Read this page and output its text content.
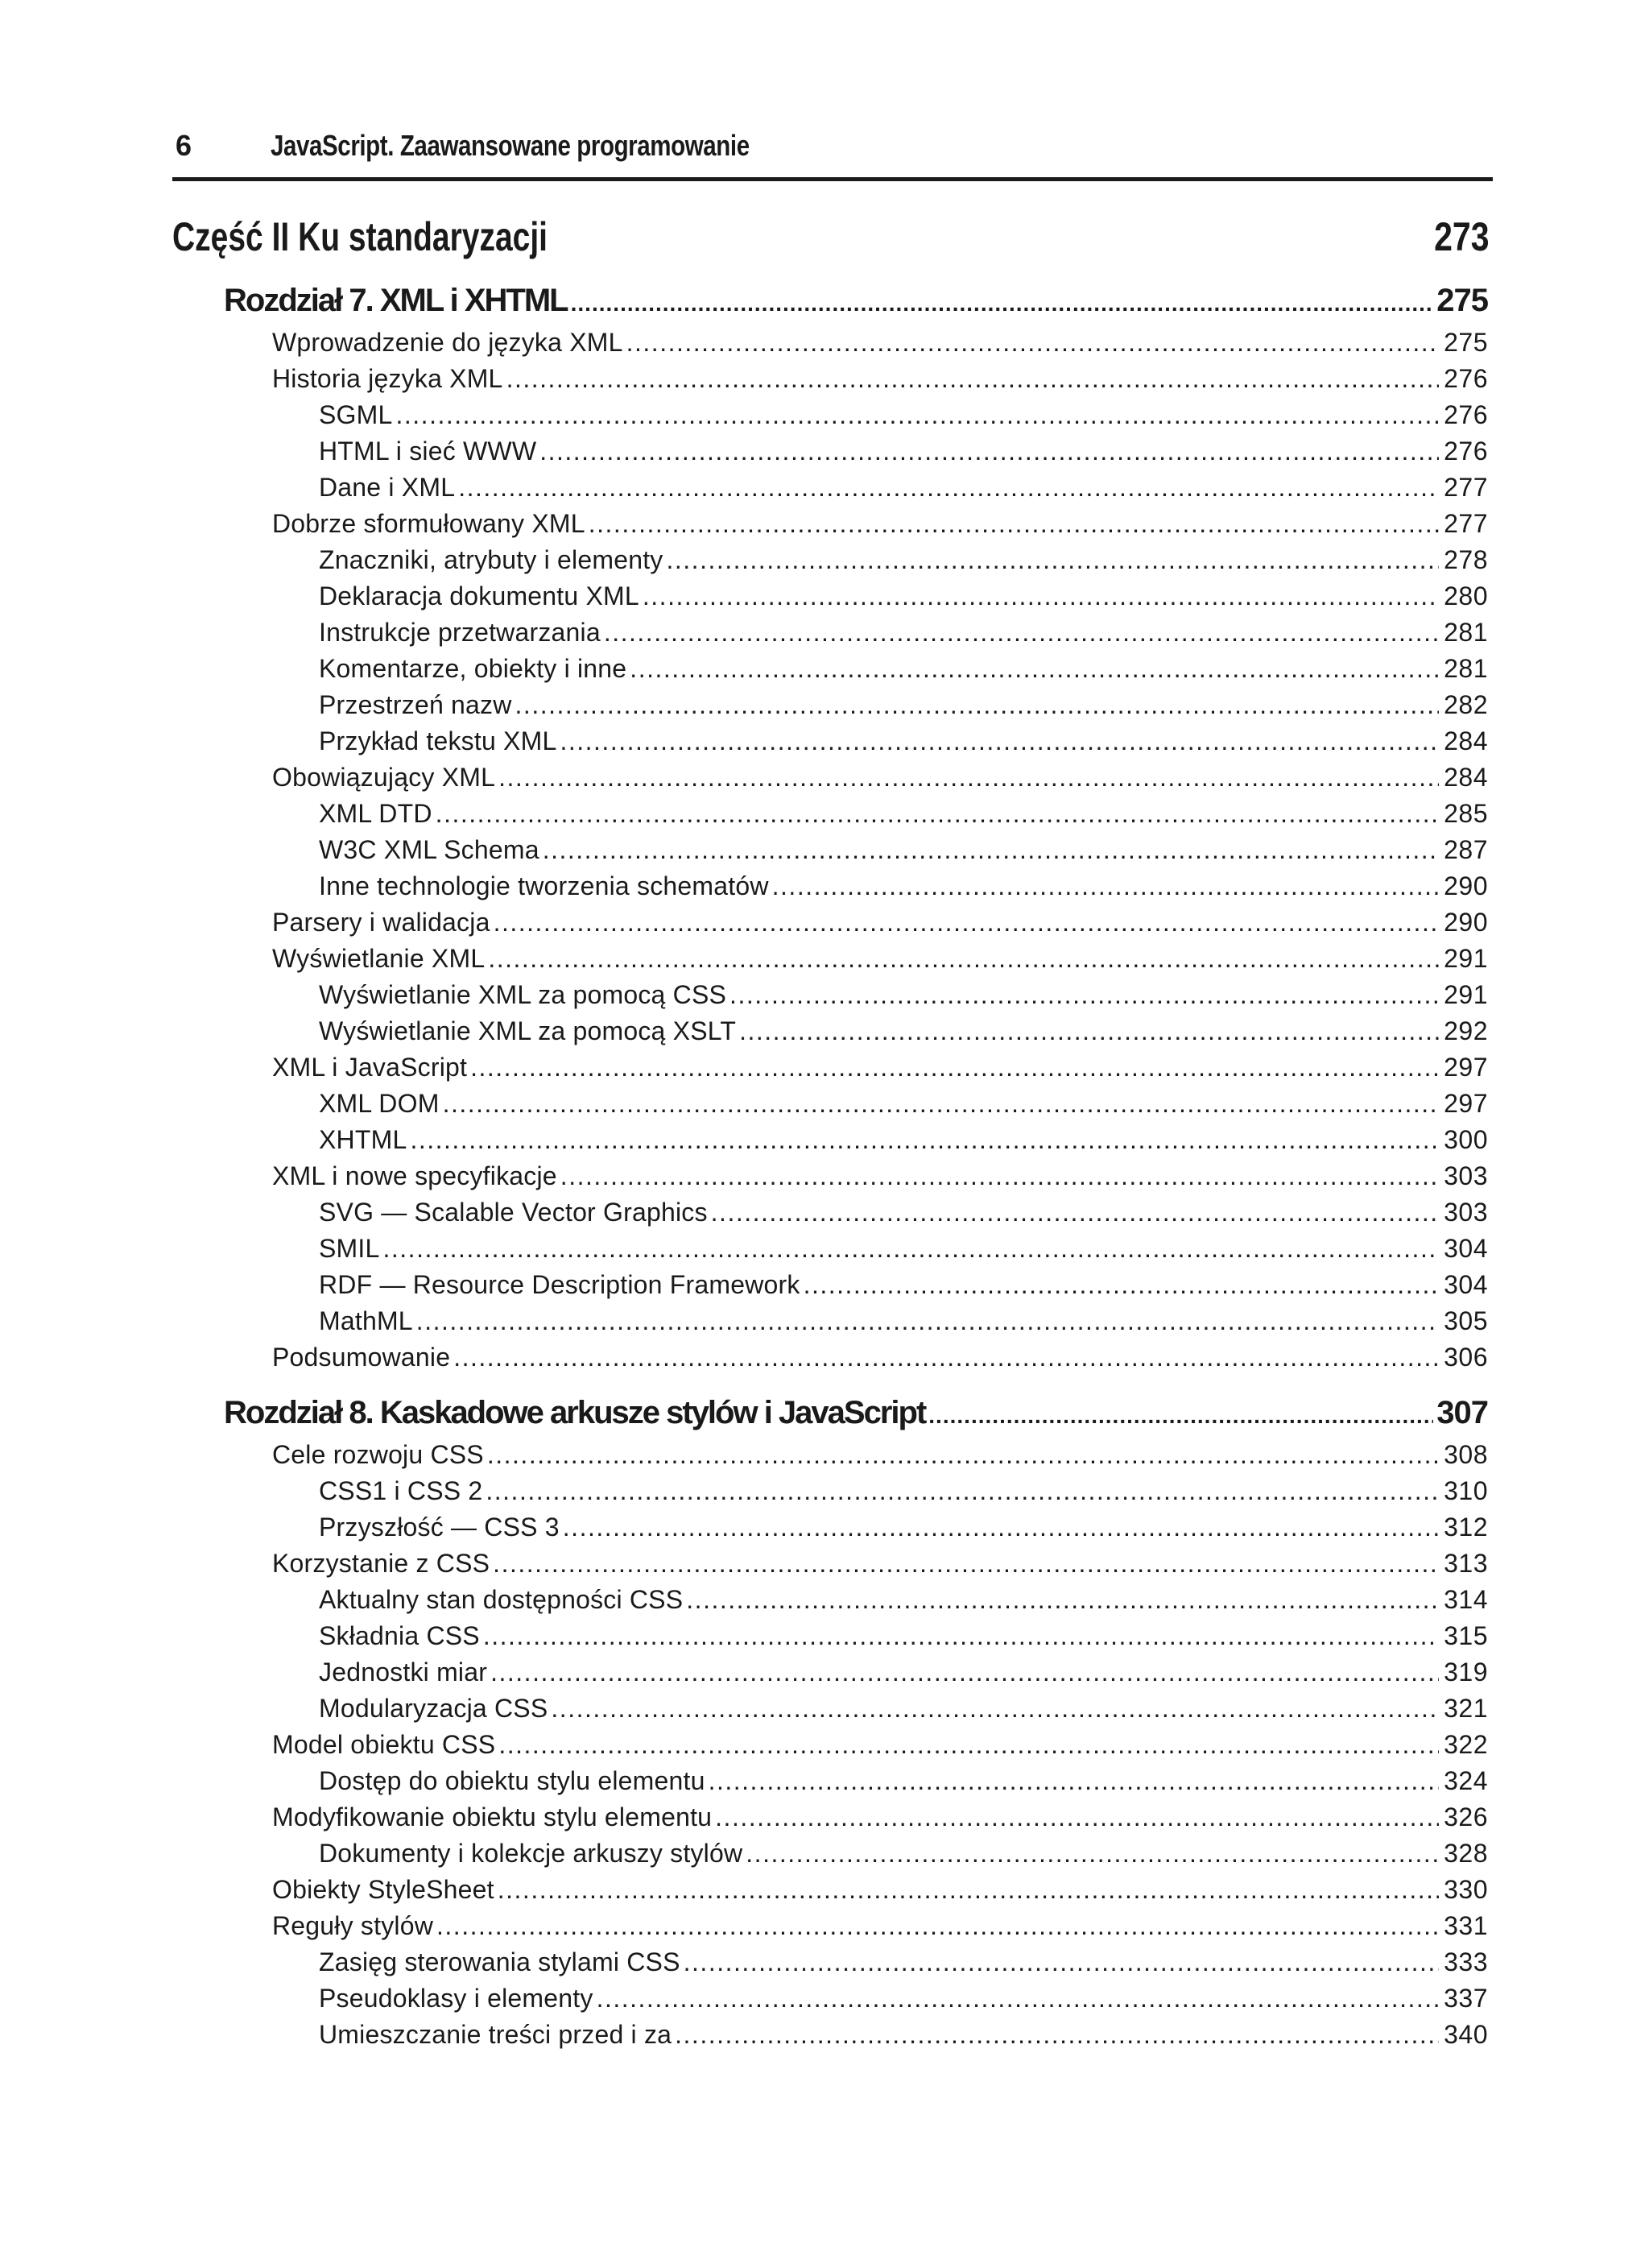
6	JavaScript. Zaawansowane programowanie
Część II Ku standaryzacji	273
Rozdział 7. XML i XHTML .....	275
Wprowadzenie do języka XML .....	275
Historia języka XML .....	276
SGML .....	276
HTML i sieć WWW .....	276
Dane i XML .....	277
Dobrze sformułowany XML .....	277
Znaczniki, atrybuty i elementy .....	278
Deklaracja dokumentu XML .....	280
Instrukcje przetwarzania .....	281
Komentarze, obiekty i inne .....	281
Przestrzeń nazw .....	282
Przykład tekstu XML .....	284
Obowiązujący XML .....	284
XML DTD .....	285
W3C XML Schema .....	287
Inne technologie tworzenia schematów .....	290
Parsery i walidacja .....	290
Wyświetlanie XML .....	291
Wyświetlanie XML za pomocą CSS .....	291
Wyświetlanie XML za pomocą XSLT .....	292
XML i JavaScript .....	297
XML DOM .....	297
XHTML .....	300
XML i nowe specyfikacje .....	303
SVG — Scalable Vector Graphics .....	303
SMIL .....	304
RDF — Resource Description Framework .....	304
MathML .....	305
Podsumowanie .....	306
Rozdział 8. Kaskadowe arkusze stylów i JavaScript .....	307
Cele rozwoju CSS .....	308
CSS1 i CSS 2 .....	310
Przyszłość — CSS 3 .....	312
Korzystanie z CSS .....	313
Aktualny stan dostępności CSS .....	314
Składnia CSS .....	315
Jednostki miar .....	319
Modularyzacja CSS .....	321
Model obiektu CSS .....	322
Dostęp do obiektu stylu elementu .....	324
Modyfikowanie obiektu stylu elementu .....	326
Dokumenty i kolekcje arkuszy stylów .....	328
Obiekty StyleSheet .....	330
Reguły stylów .....	331
Zasięg sterowania stylami CSS .....	333
Pseudoklasy i elementy .....	337
Umieszczanie treści przed i za .....	340
